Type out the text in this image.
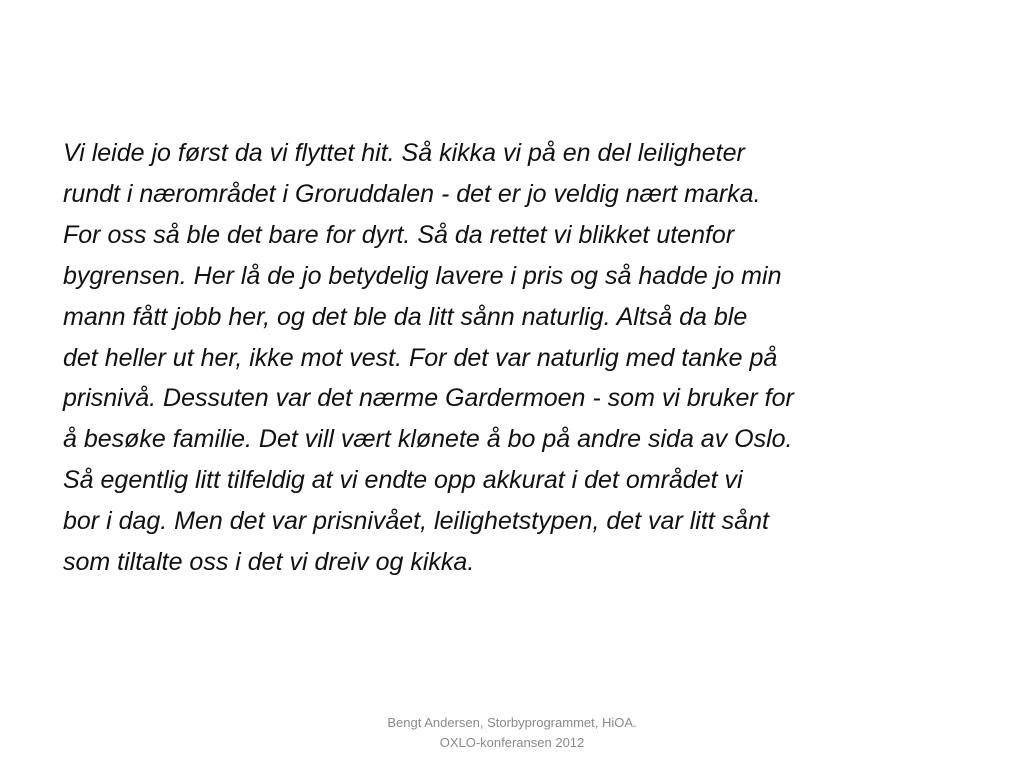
Vi leide jo først da vi flyttet hit. Så kikka vi på en del leiligheter
rundt i nærområdet i Groruddalen - det er jo veldig nært marka.
For oss så ble det bare for dyrt. Så da rettet vi blikket utenfor
bygrensen. Her lå de jo betydelig lavere i pris og så hadde jo min
mann fått jobb her, og det ble da litt sånn naturlig. Altså da ble
det heller ut her, ikke mot vest. For det var naturlig med tanke på
prisnivå. Dessuten var det nærme Gardermoen - som vi bruker for
å besøke familie. Det vill vært klønete å bo på andre sida av Oslo.
Så egentlig litt tilfeldig at vi endte opp akkurat i det området vi
bor i dag. Men det var prisnivået, leilighetstypen, det var litt sånt
som tiltalte oss i det vi dreiv og kikka.

Bengt Andersen, Storbyprogrammet, HiOA.
OXLO-konferansen 2012
